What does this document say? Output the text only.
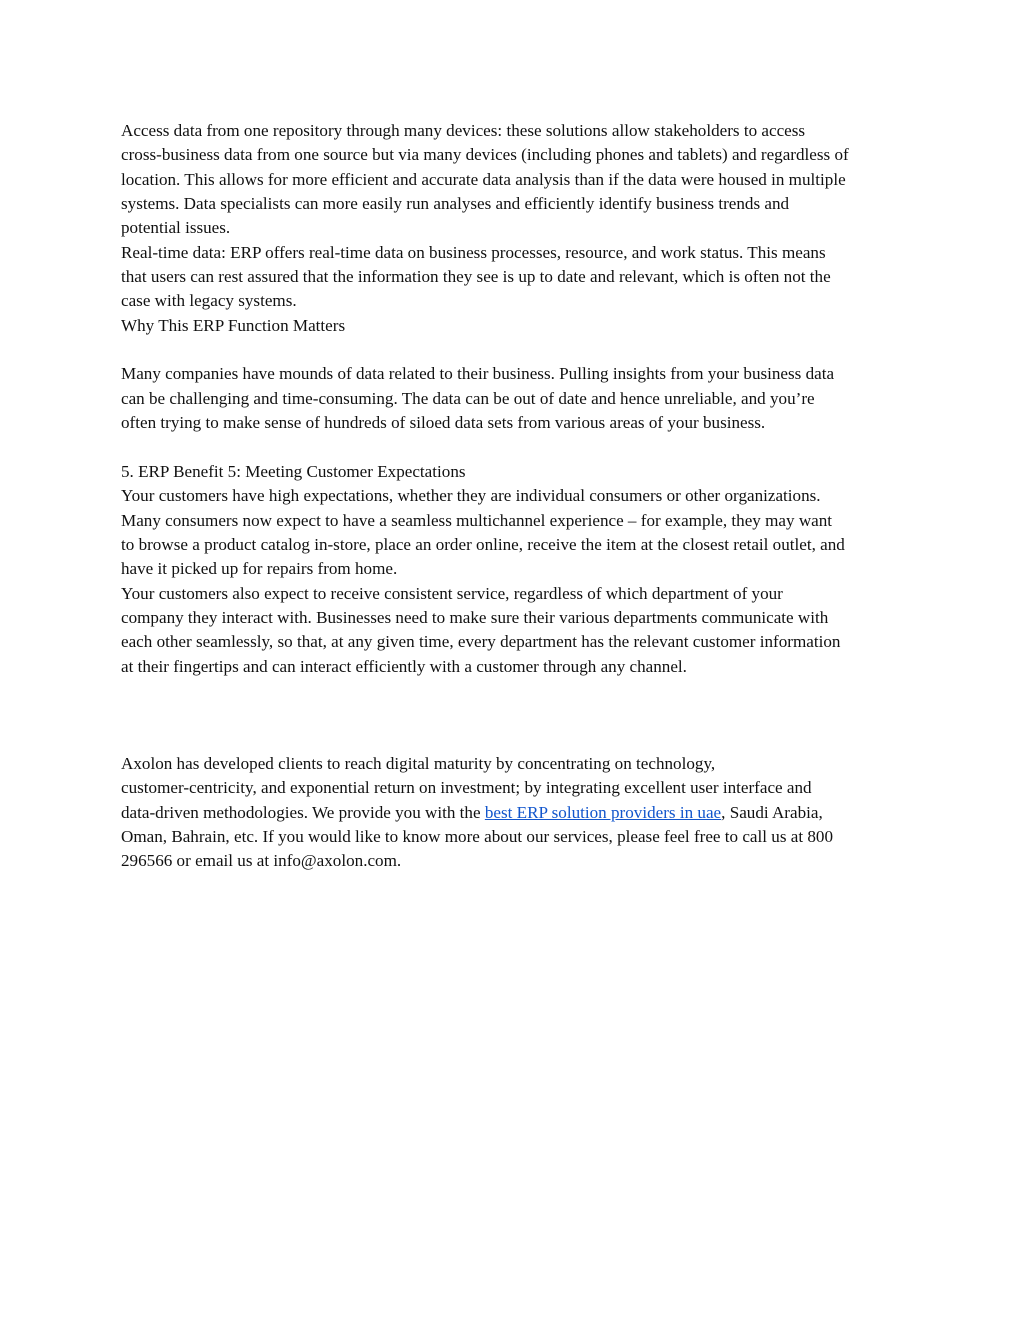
Access data from one repository through many devices: these solutions allow stakeholders to access
cross-business data from one source but via many devices (including phones and tablets) and regardless of
location. This allows for more efficient and accurate data analysis than if the data were housed in multiple
systems. Data specialists can more easily run analyses and efficiently identify business trends and
potential issues.
Real-time data: ERP offers real-time data on business processes, resource, and work status. This means
that users can rest assured that the information they see is up to date and relevant, which is often not the
case with legacy systems.
Why This ERP Function Matters
Many companies have mounds of data related to their business. Pulling insights from your business data
can be challenging and time-consuming. The data can be out of date and hence unreliable, and you’re
often trying to make sense of hundreds of siloed data sets from various areas of your business.
5. ERP Benefit 5: Meeting Customer Expectations
Your customers have high expectations, whether they are individual consumers or other organizations.
Many consumers now expect to have a seamless multichannel experience – for example, they may want
to browse a product catalog in-store, place an order online, receive the item at the closest retail outlet, and
have it picked up for repairs from home.
Your customers also expect to receive consistent service, regardless of which department of your
company they interact with. Businesses need to make sure their various departments communicate with
each other seamlessly, so that, at any given time, every department has the relevant customer information
at their fingertips and can interact efficiently with a customer through any channel.
Axolon has developed clients to reach digital maturity by concentrating on technology,
customer-centricity, and exponential return on investment; by integrating excellent user interface and
data-driven methodologies. We provide you with the best ERP solution providers in uae, Saudi Arabia,
Oman, Bahrain, etc. If you would like to know more about our services, please feel free to call us at 800
296566 or email us at info@axolon.com.
